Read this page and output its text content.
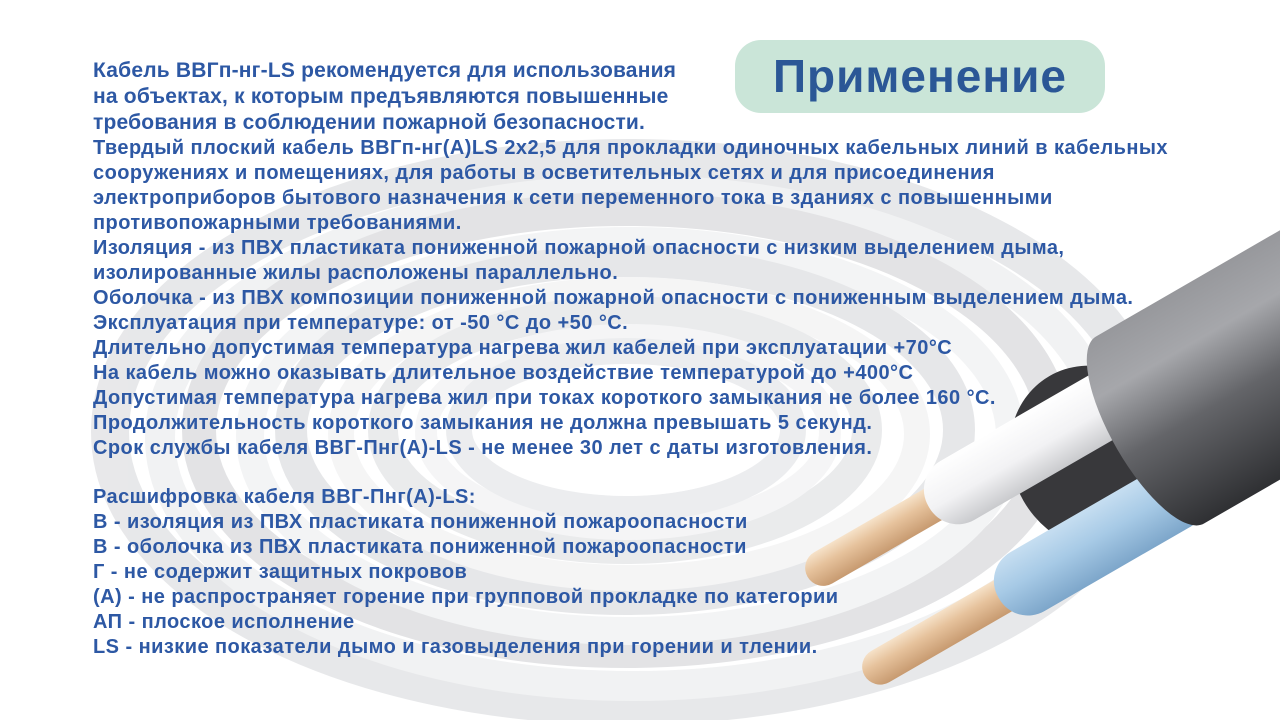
Применение
Кабель ВВГп-нг-LS рекомендуется для использования
на объектах, к которым предъявляются повышенные
требования в соблюдении пожарной безопасности.
Твердый плоский кабель ВВГп-нг(А)LS 2х2,5 для прокладки одиночных кабельных линий в кабельных
сооружениях и помещениях, для работы в осветительных сетях и для присоединения
электроприборов бытового назначения к сети переменного тока в зданиях с повышенными
противопожарными требованиями.
Изоляция - из ПВХ пластиката пониженной пожарной опасности с низким выделением дыма,
изолированные жилы расположены параллельно.
Оболочка - из ПВХ композиции пониженной пожарной опасности с пониженным выделением дыма.
Эксплуатация при температуре: от -50 °С до +50 °С.
Длительно допустимая температура нагрева жил кабелей при эксплуатации +70°С
На кабель можно оказывать длительное воздействие температурой до +400°С
Допустимая температура нагрева жил при токах короткого замыкания не более 160 °С.
Продолжительность короткого замыкания не должна превышать 5 секунд.
Срок службы кабеля ВВГ-Пнг(А)-LS - не менее 30 лет с даты изготовления.
Расшифровка кабеля ВВГ-Пнг(А)-LS:
В - изоляция из ПВХ пластиката пониженной пожароопасности
В - оболочка из ПВХ пластиката пониженной пожароопасности
Г - не содержит защитных покровов
(А) - не распространяет горение при групповой прокладке по категории
АП - плоское исполнение
LS - низкие показатели дымо и газовыделения при горении и тлении.
